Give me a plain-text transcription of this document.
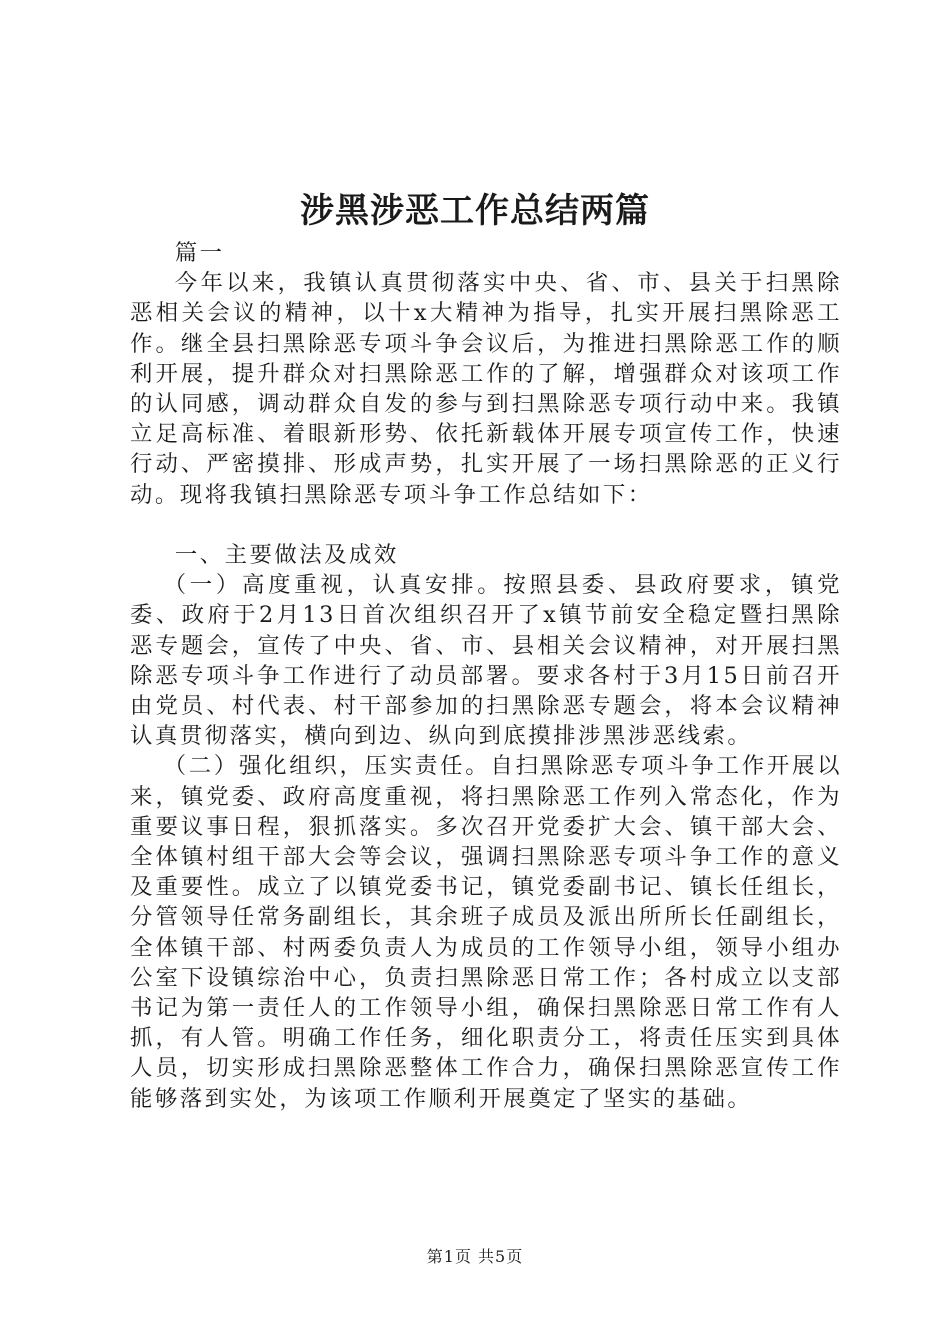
涉黑涉恶工作总结两篇

篇一

今年以来，我镇认真贯彻落实中央、省、市、县关于扫黑除恶相关会议的精神，以十x大精神为指导，扎实开展扫黑除恶工作。继全县扫黑除恶专项斗争会议后，为推进扫黑除恶工作的顺利开展，提升群众对扫黑除恶工作的了解，增强群众对该项工作的认同感，调动群众自发的参与到扫黑除恶专项行动中来。我镇立足高标准、着眼新形势、依托新载体开展专项宣传工作，快速行动、严密摸排、形成声势，扎实开展了一场扫黑除恶的正义行动。现将我镇扫黑除恶专项斗争工作总结如下：

一、主要做法及成效

（一）高度重视，认真安排。按照县委、县政府要求，镇党委、政府于2月13日首次组织召开了x镇节前安全稳定暨扫黑除恶专题会，宣传了中央、省、市、县相关会议精神，对开展扫黑除恶专项斗争工作进行了动员部署。要求各村于3月15日前召开由党员、村代表、村干部参加的扫黑除恶专题会，将本会议精神认真贯彻落实，横向到边、纵向到底摸排涉黑涉恶线索。

（二）强化组织，压实责任。自扫黑除恶专项斗争工作开展以来，镇党委、政府高度重视，将扫黑除恶工作列入常态化，作为重要议事日程，狠抓落实。多次召开党委扩大会、镇干部大会、全体镇村组干部大会等会议，强调扫黑除恶专项斗争工作的意义及重要性。成立了以镇党委书记，镇党委副书记、镇长任组长，分管领导任常务副组长，其余班子成员及派出所所长任副组长，全体镇干部、村两委负责人为成员的工作领导小组，领导小组办公室下设镇综治中心，负责扫黑除恶日常工作；各村成立以支部书记为第一责任人的工作领导小组，确保扫黑除恶日常工作有人抓，有人管。明确工作任务，细化职责分工，将责任压实到具体人员，切实形成扫黑除恶整体工作合力，确保扫黑除恶宣传工作能够落到实处，为该项工作顺利开展奠定了坚实的基础。

第1页 共5页
